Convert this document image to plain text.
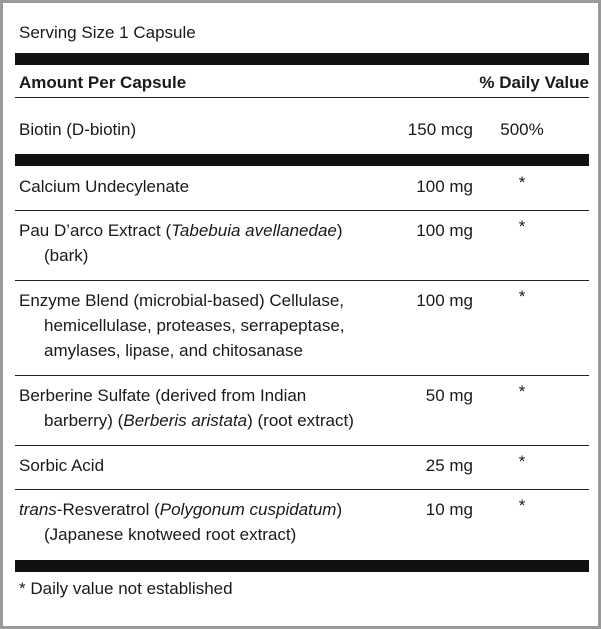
Serving Size 1 Capsule
Amount Per Capsule	% Daily Value
Biotin (D-biotin)	150 mcg 500%
Calcium Undecylenate	100 mg	*
Pau D’arco Extract (Tabebuia avellanedae)
(bark)
100 mg	*
Enzyme Blend (microbial-based) Cellulase,
hemicellulase, proteases, serrapeptase,
amylases, lipase, and chitosanase
100 mg	*
Berberine Sulfate (derived from Indian
barberry) (Berberis aristata) (root extract)
50 mg	*
Sorbic Acid	25 mg	*
trans-Resveratrol (Polygonum cuspidatum)
(Japanese knotweed root extract)
10 mg	*
* Daily value not established
